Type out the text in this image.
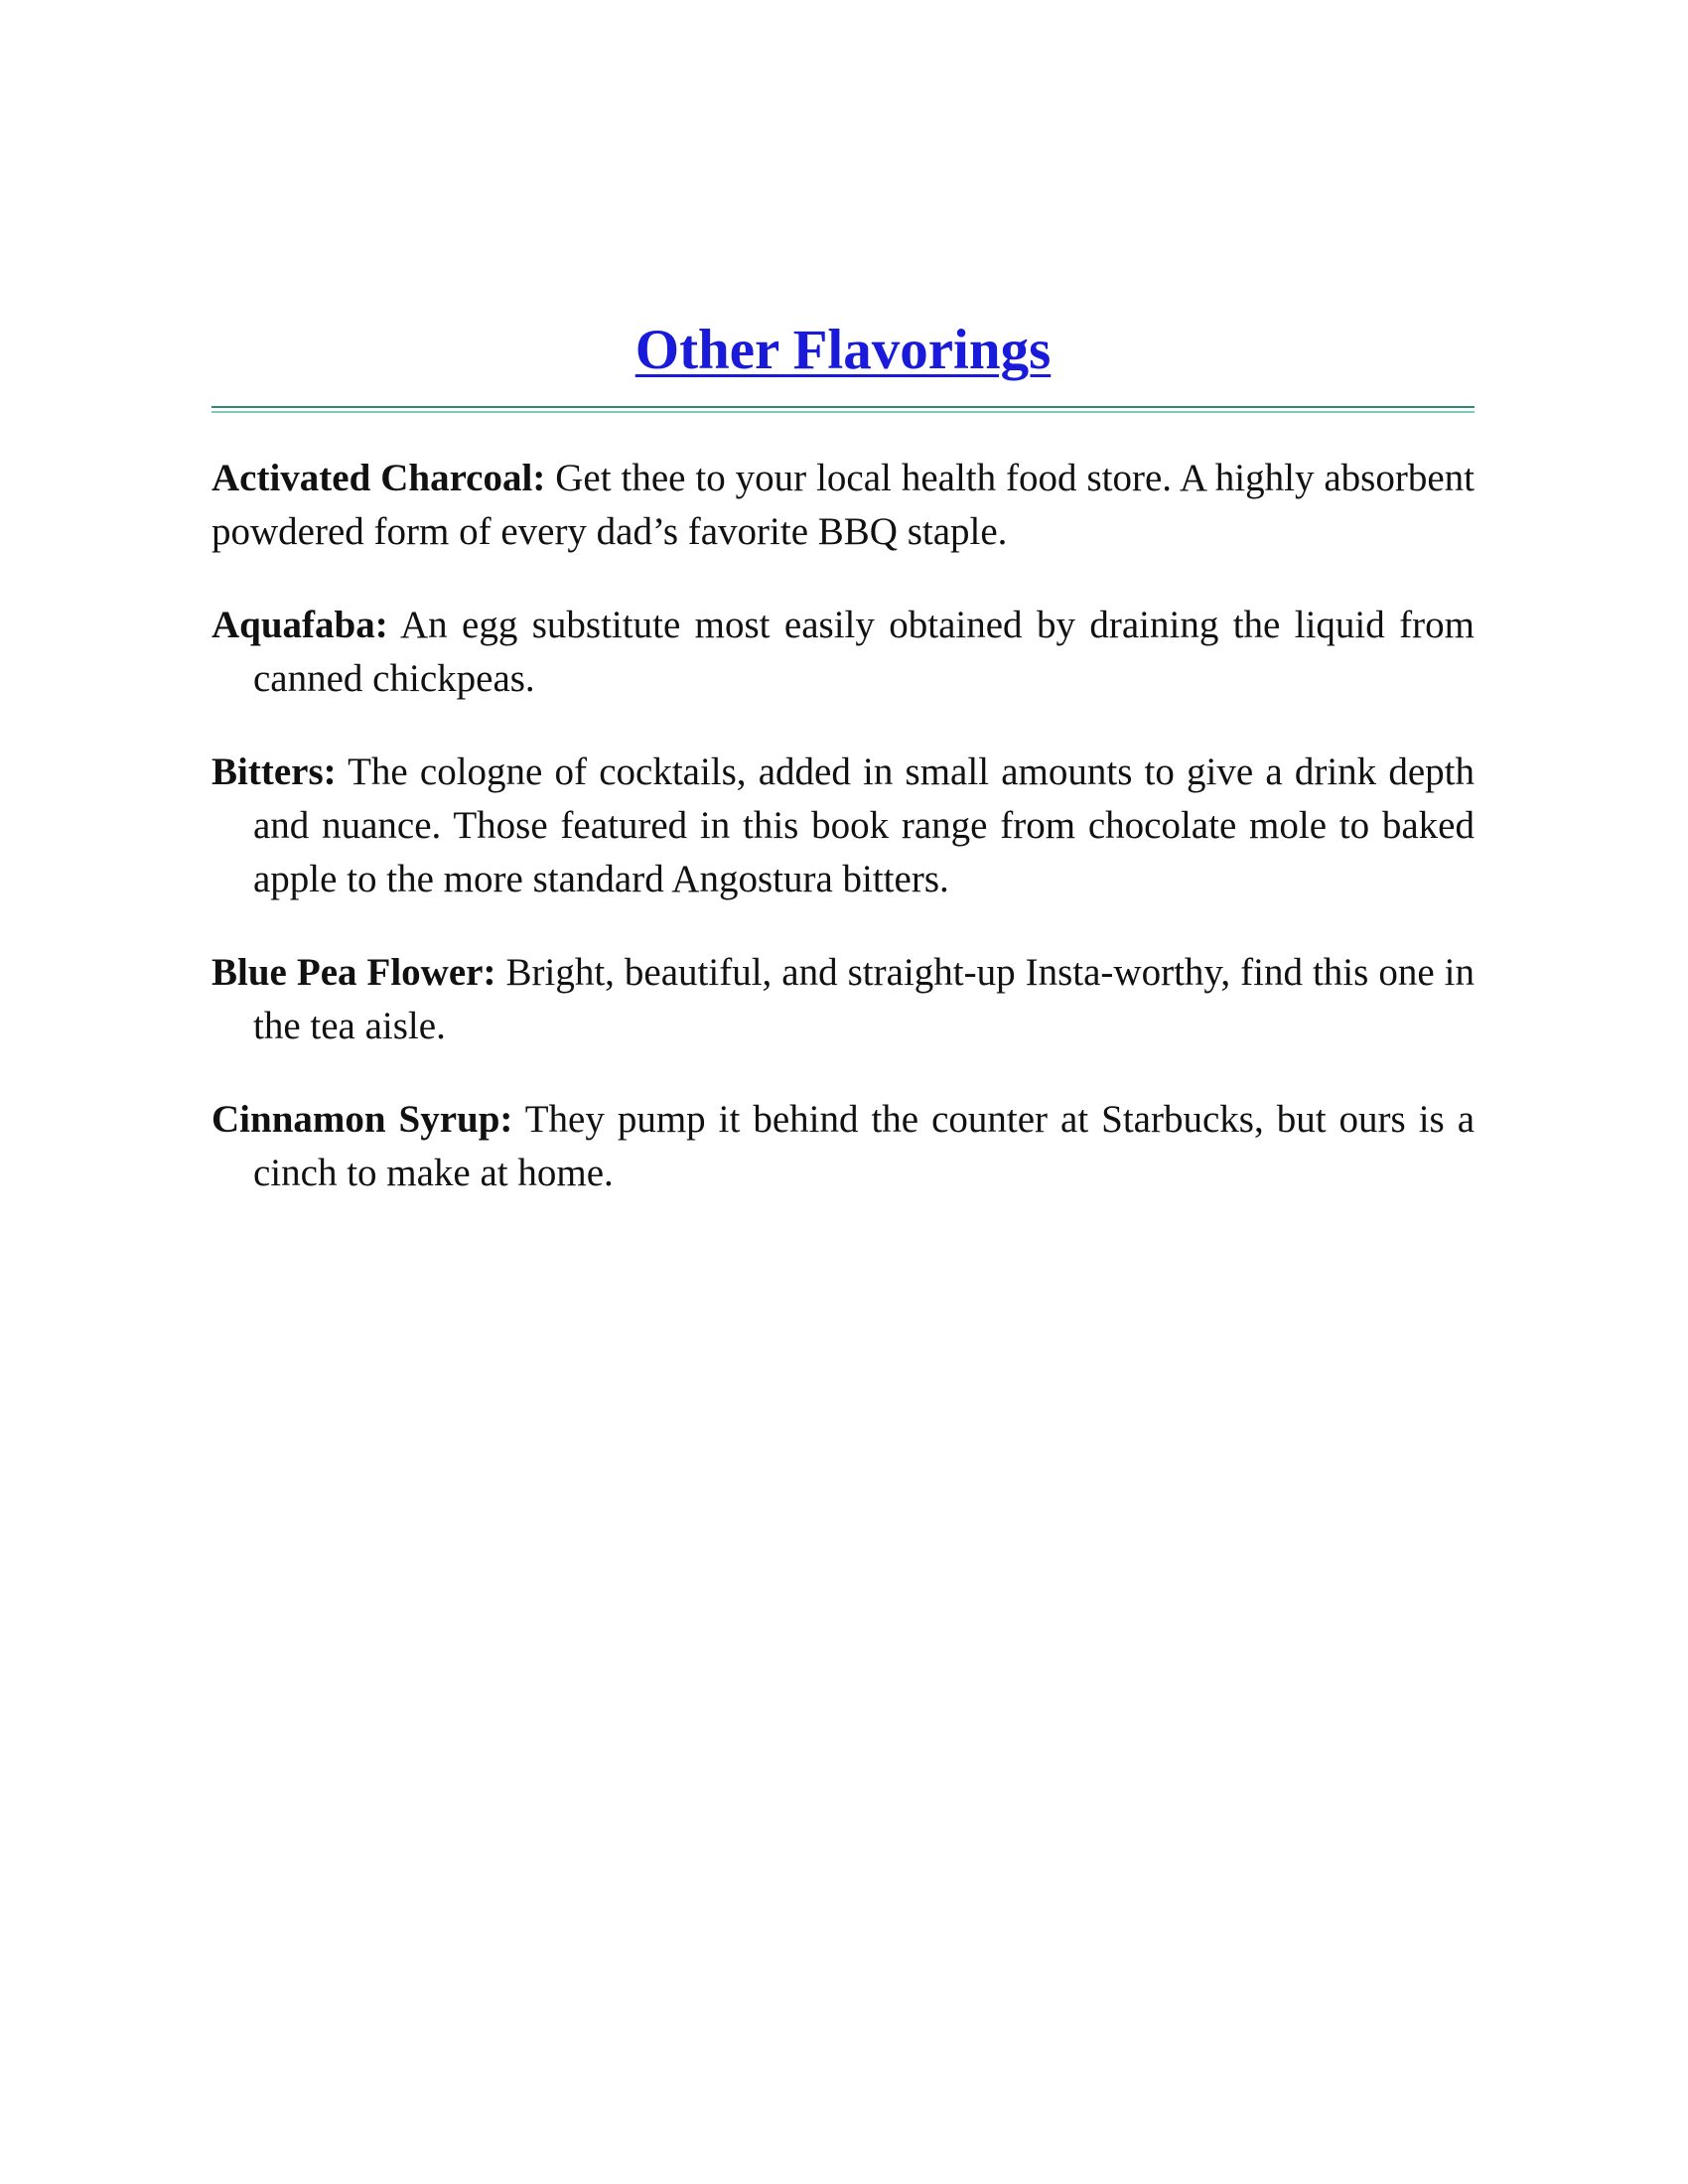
Other Flavorings

Activated Charcoal: Get thee to your local health food store. A highly absorbent powdered form of every dad’s favorite BBQ staple.

Aquafaba: An egg substitute most easily obtained by draining the liquid from canned chickpeas.

Bitters: The cologne of cocktails, added in small amounts to give a drink depth and nuance. Those featured in this book range from chocolate mole to baked apple to the more standard Angostura bitters.

Blue Pea Flower: Bright, beautiful, and straight-up Insta-worthy, find this one in the tea aisle.

Cinnamon Syrup: They pump it behind the counter at Starbucks, but ours is a cinch to make at home.
